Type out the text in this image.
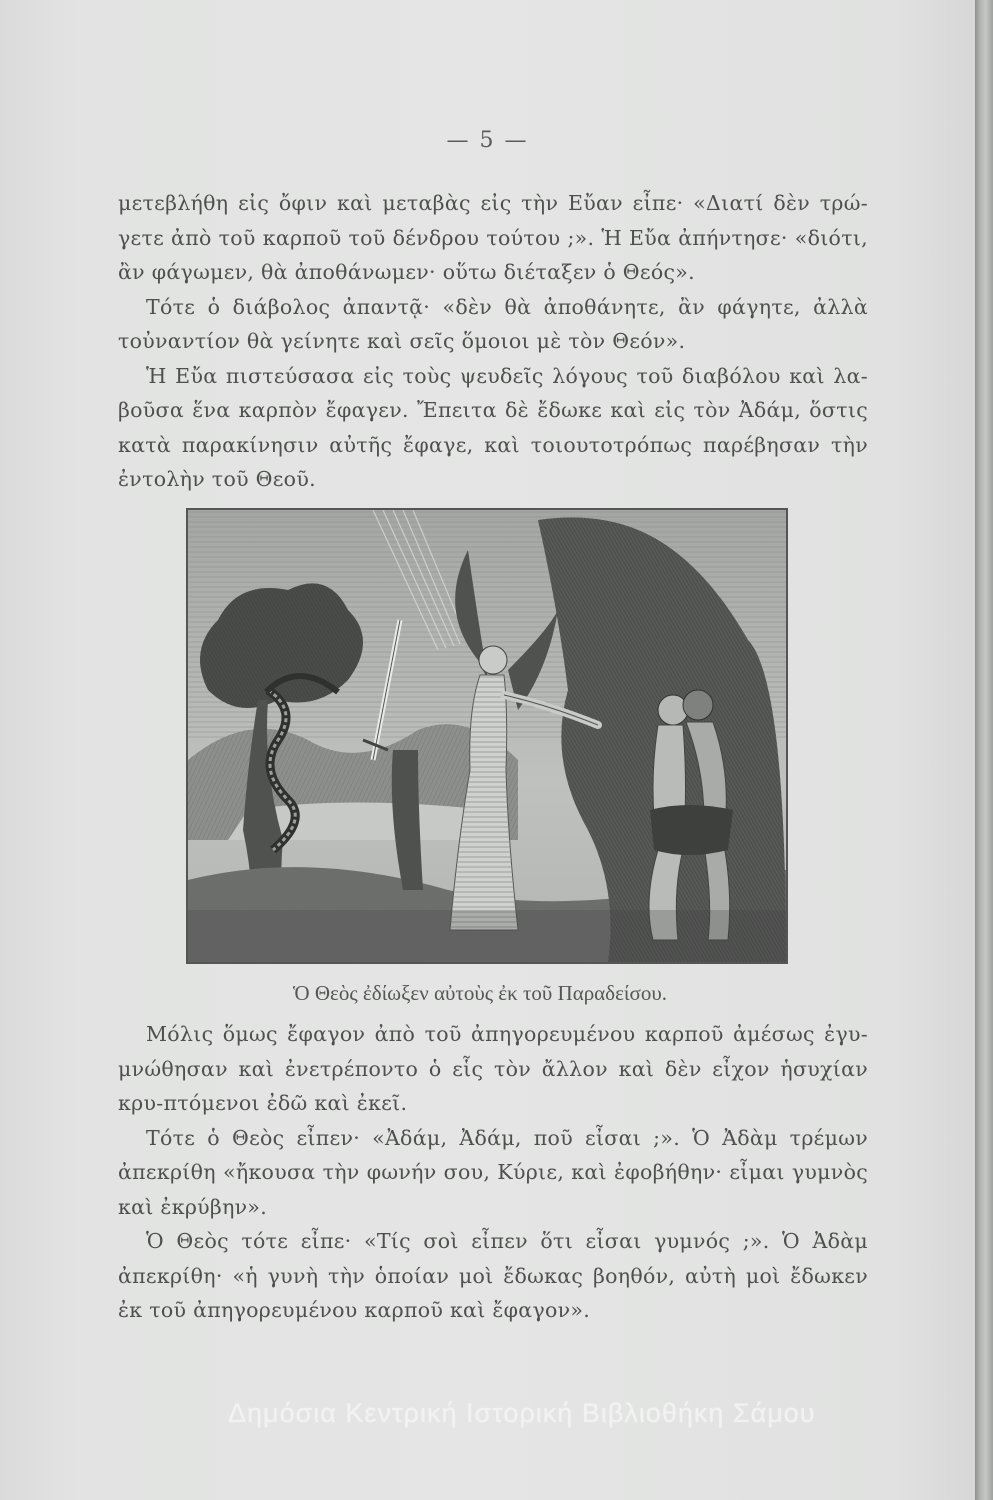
— 5 —

μετεβλήθη εἰς ὄφιν καὶ μεταβὰς εἰς τὴν Εὔαν εἶπε· «Διατί δὲν τρώ-γετε ἀπὸ τοῦ καρποῦ τοῦ δένδρου τούτου ;». Ἡ Εὔα ἀπήντησε· «διότι, ἂν φάγωμεν, θὰ ἀποθάνωμεν· οὕτω διέταξεν ὁ Θεός».

Τότε ὁ διάβολος ἀπαντᾷ· «δὲν θὰ ἀποθάνητε, ἂν φάγητε, ἀλλὰ τοὐναντίον θὰ γείνητε καὶ σεῖς ὅμοιοι μὲ τὸν Θεόν».

Ἡ Εὔα πιστεύσασα εἰς τοὺς ψευδεῖς λόγους τοῦ διαβόλου καὶ λα-βοῦσα ἕνα καρπὸν ἔφαγεν. Ἔπειτα δὲ ἔδωκε καὶ εἰς τὸν Ἀδάμ, ὅστις κατὰ παρακίνησιν αὐτῆς ἔφαγε, καὶ τοιουτοτρόπως παρέβησαν τὴν ἐντολὴν τοῦ Θεοῦ.

Ὁ Θεὸς ἐδίωξεν αὐτοὺς ἐκ τοῦ Παραδείσου.

Μόλις ὅμως ἔφαγον ἀπὸ τοῦ ἀπηγορευμένου καρποῦ ἀμέσως ἐγυ-μνώθησαν καὶ ἐνετρέποντο ὁ εἷς τὸν ἄλλον καὶ δὲν εἶχον ἡσυχίαν κρυ-πτόμενοι ἐδῶ καὶ ἐκεῖ.

Τότε ὁ Θεὸς εἶπεν· «Ἀδάμ, Ἀδάμ, ποῦ εἶσαι ;». Ὁ Ἀδὰμ τρέμων ἀπεκρίθη «ἤκουσα τὴν φωνήν σου, Κύριε, καὶ ἐφοβήθην· εἶμαι γυμνὸς καὶ ἐκρύβην».

Ὁ Θεὸς τότε εἶπε· «Τίς σοὶ εἶπεν ὅτι εἶσαι γυμνός ;». Ὁ Ἀδὰμ ἀπεκρίθη· «ἡ γυνὴ τὴν ὁποίαν μοὶ ἔδωκας βοηθόν, αὐτὴ μοὶ ἔδωκεν ἐκ τοῦ ἀπηγορευμένου καρποῦ καὶ ἔφαγον».

Δημόσια Κεντρική Ιστορική Βιβλιοθήκη Σάμου
